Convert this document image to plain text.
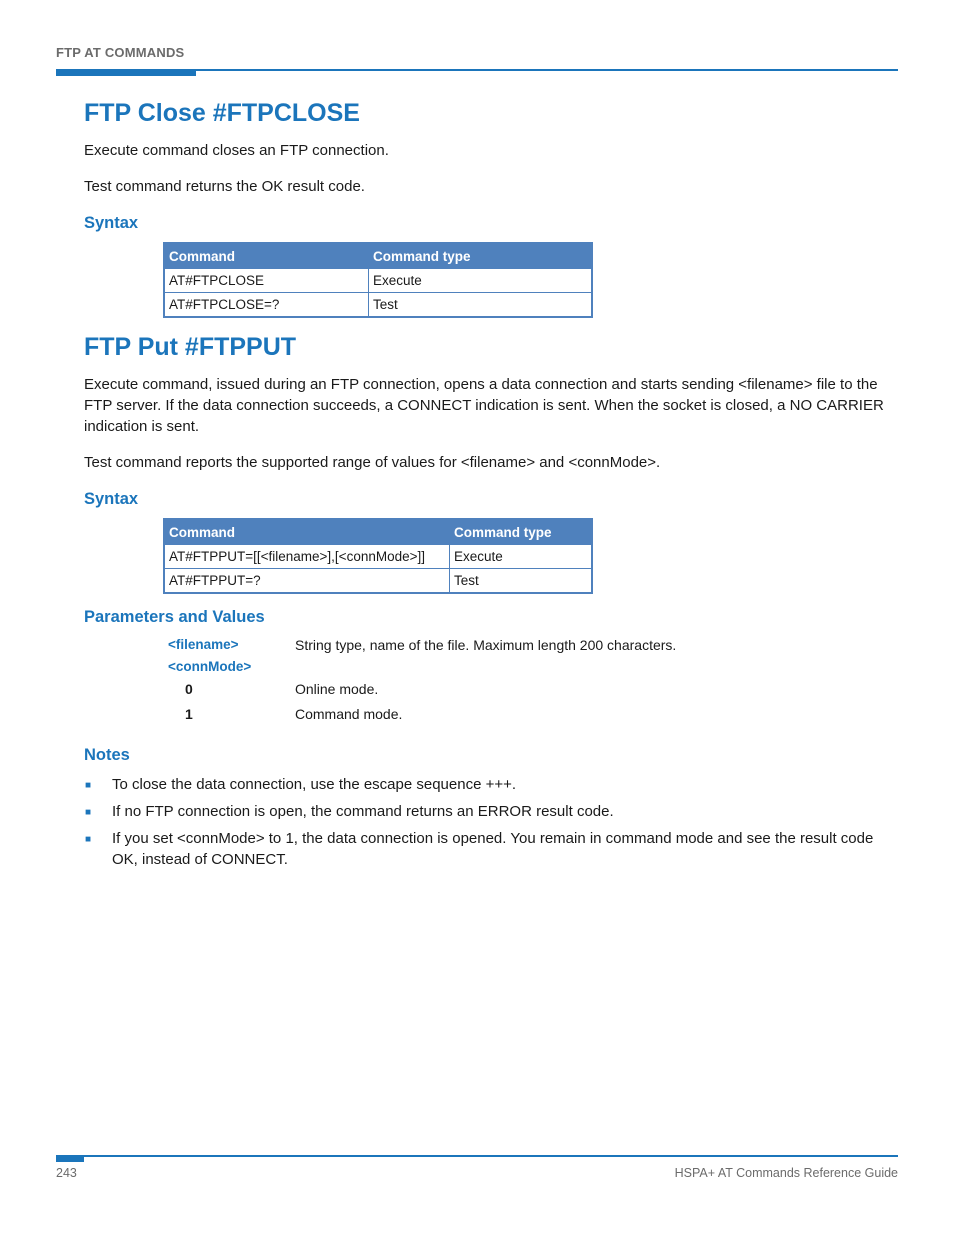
FTP AT COMMANDS
FTP Close #FTPCLOSE

Execute command closes an FTP connection.

Test command returns the OK result code.

Syntax
Command	Command type
AT#FTPCLOSE	Execute
AT#FTPCLOSE=?	Test
FTP Put #FTPPUT

Execute command, issued during an FTP connection, opens a data connection and starts sending <filename> file to the FTP server. If the data connection succeeds, a CONNECT indication is sent. When the socket is closed, a NO CARRIER indication is sent.

Test command reports the supported range of values for <filename> and <connMode>.

Syntax
Command	Command type
AT#FTPPUT=[[<filename>],[<connMode>]]	Execute
AT#FTPPUT=?	Test
Parameters and Values
<filename>	String type, name of the file. Maximum length 200 characters.
<connMode>
0	Online mode.
1	Command mode.
Notes
■ To close the data connection, use the escape sequence +++.
■ If no FTP connection is open, the command returns an ERROR result code.
■ If you set <connMode> to 1, the data connection is opened. You remain in command mode and see the result code OK, instead of CONNECT.
243	HSPA+ AT Commands Reference Guide
